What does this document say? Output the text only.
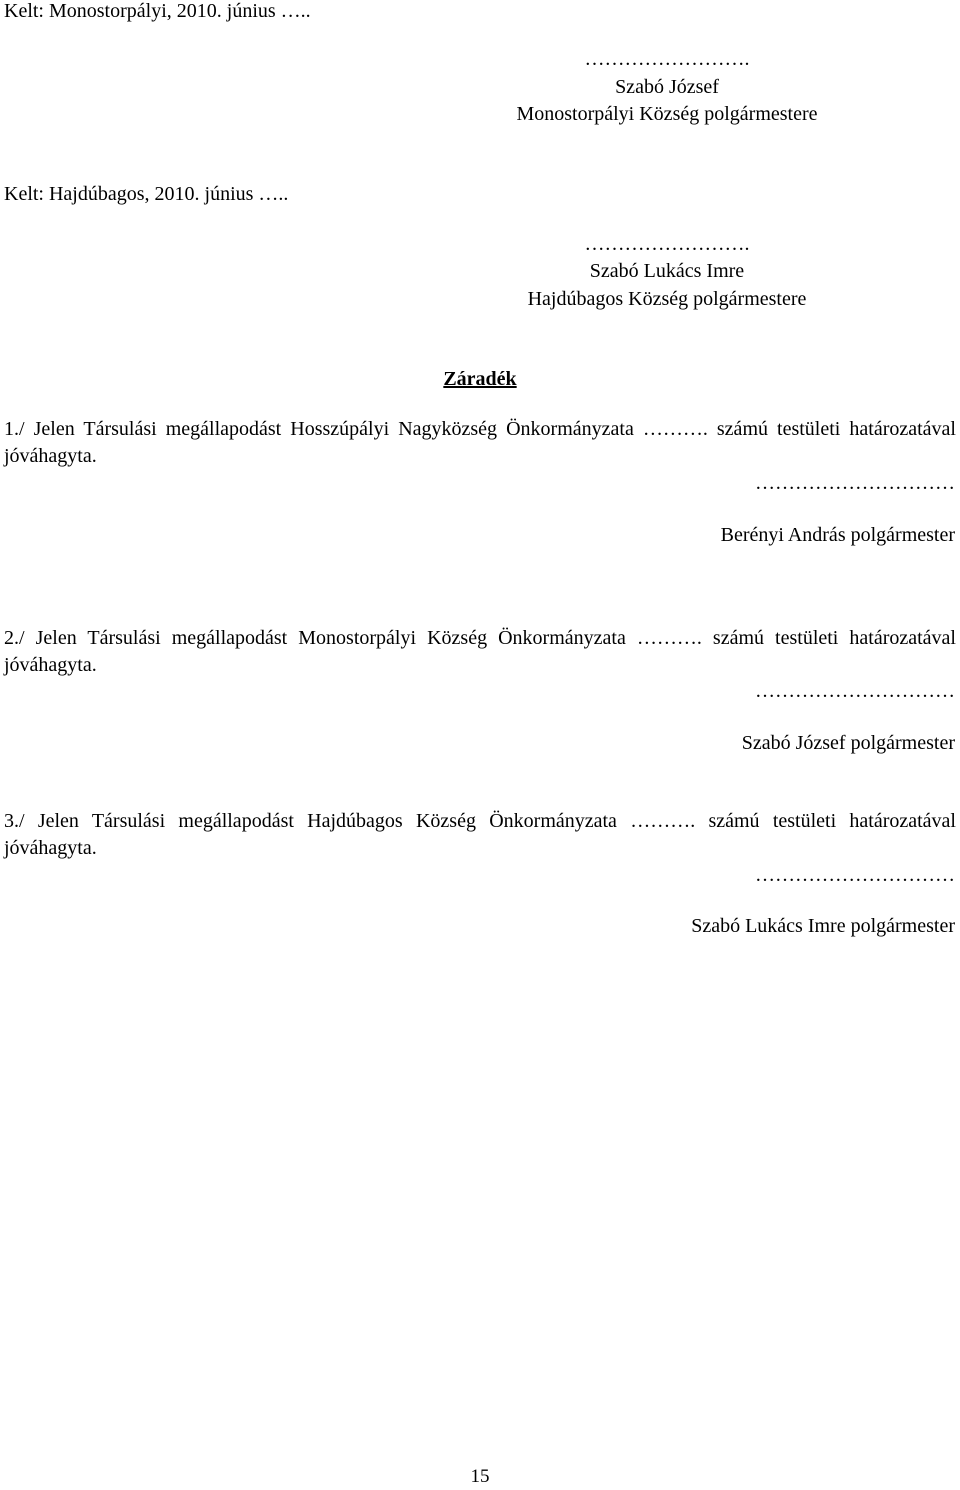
Kelt: Monostorpályi, 2010. június …..
…………………….
Szabó József
Monostorpályi Község polgármestere
Kelt: Hajdúbagos, 2010. június …..
…………………….
Szabó Lukács Imre
Hajdúbagos Község polgármestere
Záradék
1./ Jelen Társulási megállapodást Hosszúpályi Nagyközség Önkormányzata ………. számú testületi határozatával jóváhagyta.
…………………………
Berényi András polgármester
2./ Jelen Társulási megállapodást Monostorpályi Község Önkormányzata ………. számú testületi határozatával jóváhagyta.
…………………………
Szabó József polgármester
3./ Jelen Társulási megállapodást Hajdúbagos Község Önkormányzata ………. számú testületi határozatával jóváhagyta.
…………………………
Szabó Lukács Imre polgármester
15
